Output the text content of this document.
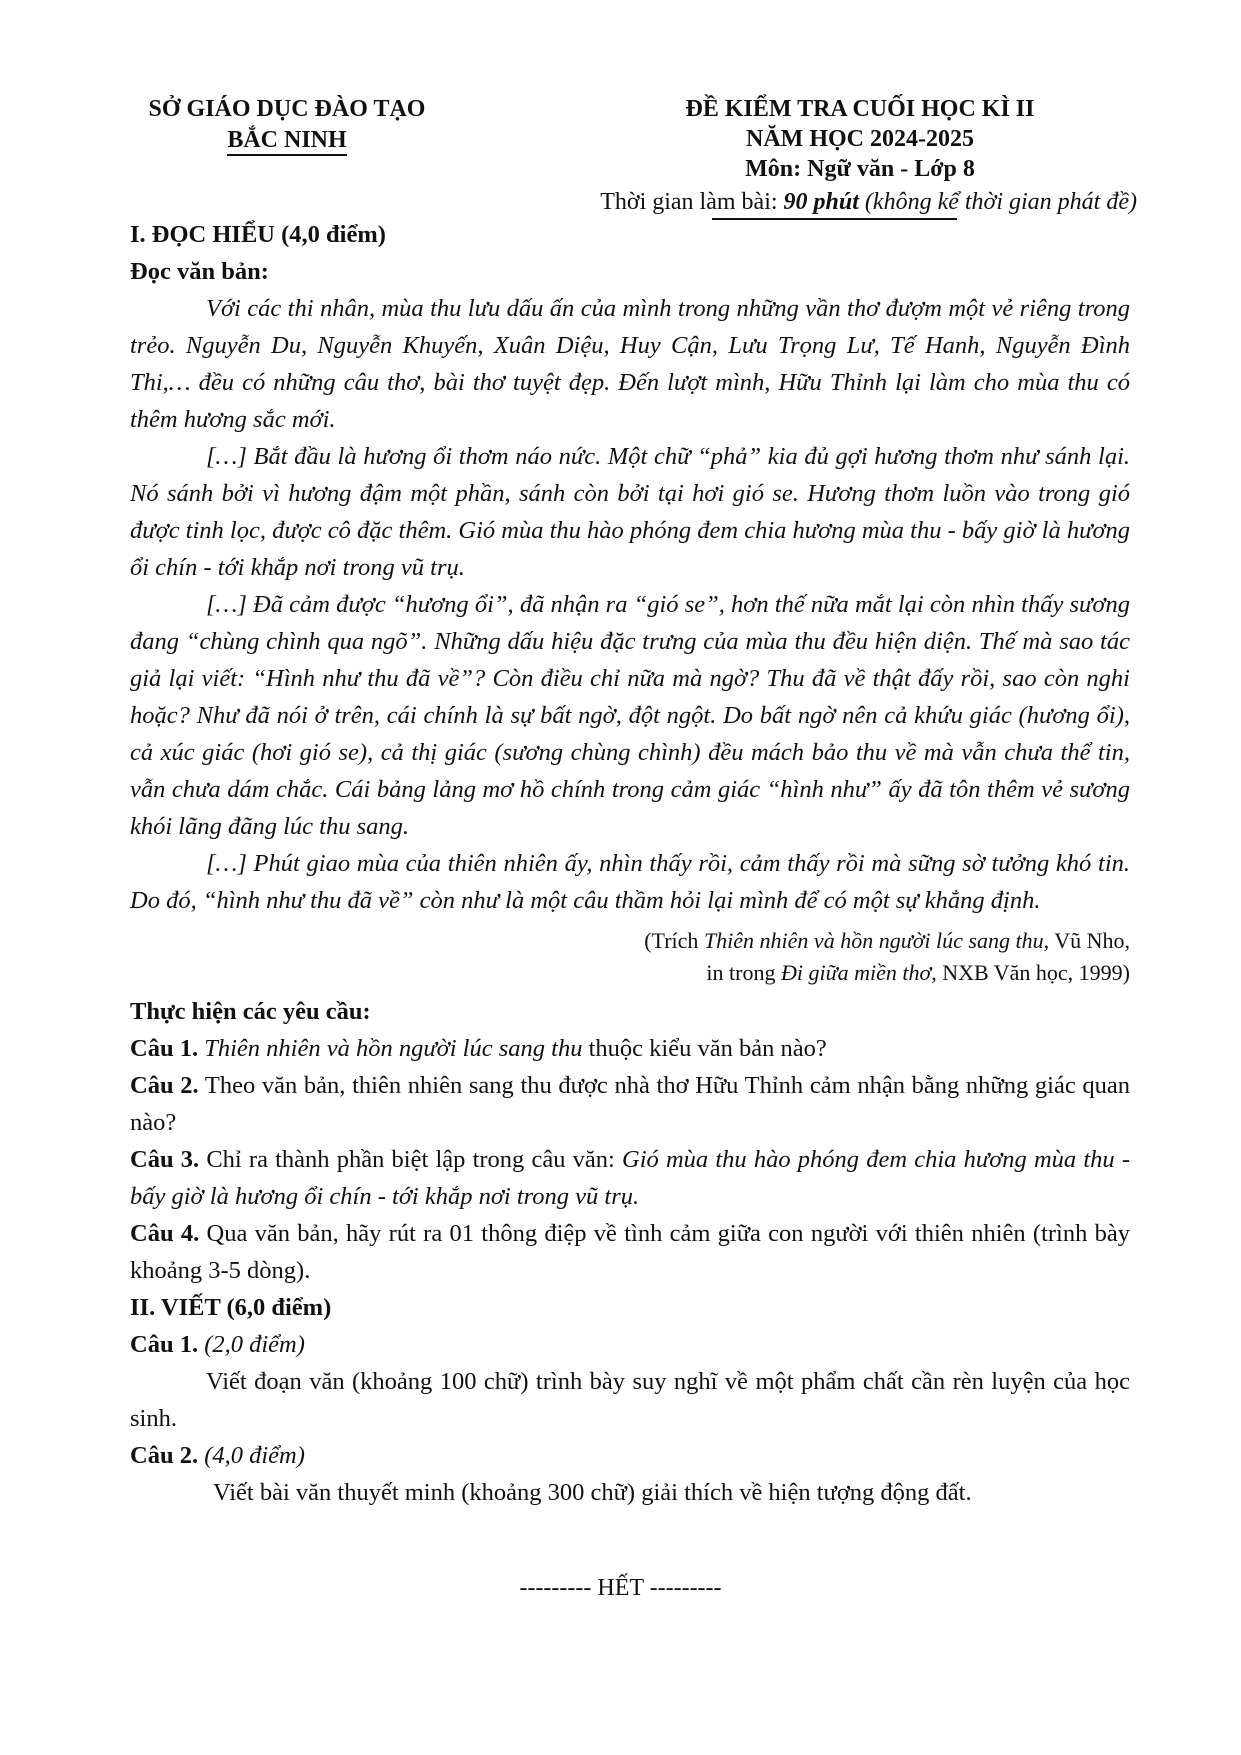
SỞ GIÁO DỤC ĐÀO TẠO
BẮC NINH
ĐỀ KIỂM TRA CUỐI HỌC KÌ II
NĂM HỌC 2024-2025
Môn: Ngữ văn - Lớp 8
Thời gian làm bài: 90 phút (không kể thời gian phát đề)

I. ĐỌC HIỂU (4,0 điểm)

Đọc văn bản:

Với các thi nhân, mùa thu lưu dấu ấn của mình trong những vần thơ đượm một vẻ riêng trong trẻo. Nguyễn Du, Nguyễn Khuyến, Xuân Diệu, Huy Cận, Lưu Trọng Lư, Tế Hanh, Nguyễn Đình Thi,… đều có những câu thơ, bài thơ tuyệt đẹp. Đến lượt mình, Hữu Thỉnh lại làm cho mùa thu có thêm hương sắc mới.

[…] Bắt đầu là hương ổi thơm náo nức. Một chữ “phả” kia đủ gợi hương thơm như sánh lại. Nó sánh bởi vì hương đậm một phần, sánh còn bởi tại hơi gió se. Hương thơm luồn vào trong gió được tinh lọc, được cô đặc thêm. Gió mùa thu hào phóng đem chia hương mùa thu - bấy giờ là hương ổi chín - tới khắp nơi trong vũ trụ.

[…] Đã cảm được “hương ổi”, đã nhận ra “gió se”, hơn thế nữa mắt lại còn nhìn thấy sương đang “chùng chình qua ngõ”. Những dấu hiệu đặc trưng của mùa thu đều hiện diện. Thế mà sao tác giả lại viết: “Hình như thu đã về”? Còn điều chỉ nữa mà ngờ? Thu đã về thật đấy rồi, sao còn nghi hoặc? Như đã nói ở trên, cái chính là sự bất ngờ, đột ngột. Do bất ngờ nên cả khứu giác (hương ổi), cả xúc giác (hơi gió se), cả thị giác (sương chùng chình) đều mách bảo thu về mà vẫn chưa thể tin, vẫn chưa dám chắc. Cái bảng lảng mơ hồ chính trong cảm giác “hình như” ấy đã tôn thêm vẻ sương khói lãng đãng lúc thu sang.

[…] Phút giao mùa của thiên nhiên ấy, nhìn thấy rồi, cảm thấy rồi mà sững sờ tưởng khó tin. Do đó, “hình như thu đã về” còn như là một câu thầm hỏi lại mình để có một sự khẳng định.

(Trích Thiên nhiên và hồn người lúc sang thu, Vũ Nho,
in trong Đi giữa miền thơ, NXB Văn học, 1999)

Thực hiện các yêu cầu:

Câu 1. Thiên nhiên và hồn người lúc sang thu thuộc kiểu văn bản nào?

Câu 2. Theo văn bản, thiên nhiên sang thu được nhà thơ Hữu Thỉnh cảm nhận bằng những giác quan nào?

Câu 3. Chỉ ra thành phần biệt lập trong câu văn: Gió mùa thu hào phóng đem chia hương mùa thu - bấy giờ là hương ổi chín - tới khắp nơi trong vũ trụ.

Câu 4. Qua văn bản, hãy rút ra 01 thông điệp về tình cảm giữa con người với thiên nhiên (trình bày khoảng 3-5 dòng).

II. VIẾT (6,0 điểm)

Câu 1. (2,0 điểm)

Viết đoạn văn (khoảng 100 chữ) trình bày suy nghĩ về một phẩm chất cần rèn luyện của học sinh.

Câu 2. (4,0 điểm)

Viết bài văn thuyết minh (khoảng 300 chữ) giải thích về hiện tượng động đất.

--------- HẾT ---------
